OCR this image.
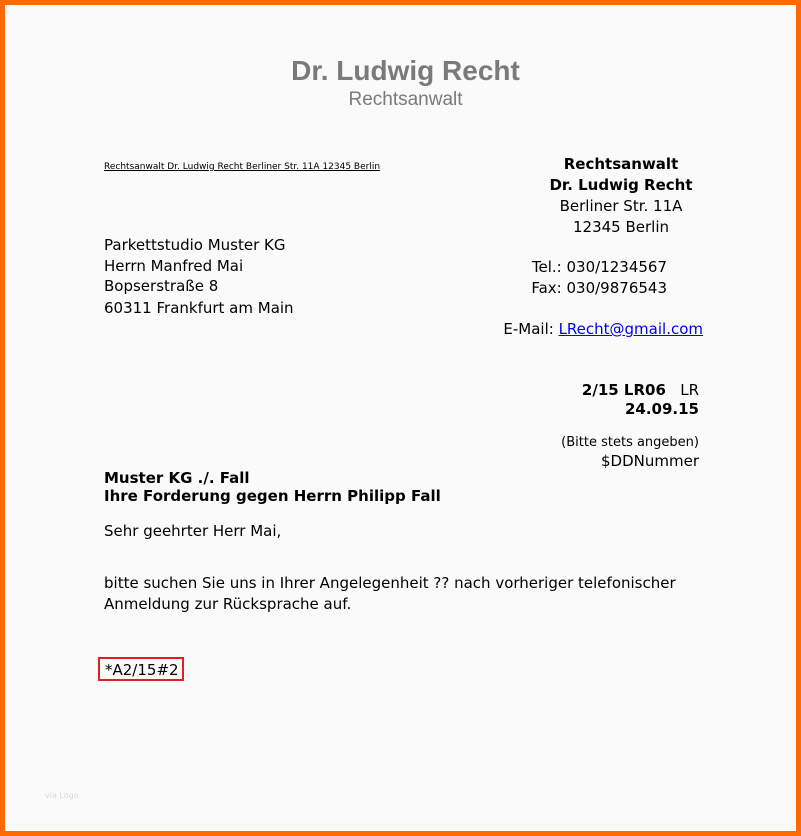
Dr. Ludwig Recht
Rechtsanwalt
Rechtsanwalt Dr. Ludwig Recht Berliner Str. 11A 12345 Berlin	Rechtsanwalt
Dr. Ludwig Recht
Berliner Str. 11A
12345 Berlin
Tel.: 030/1234567
Fax: 030/9876543
E-Mail: LRecht@gmail.com
Parkettstudio Muster KG
Herrn Manfred Mai
Bopserstraße 8
60311 Frankfurt am Main
2/15 LR06 LR
24.09.15
(Bitte stets angeben)
$DDNummer
Muster KG ./. Fall
Ihre Forderung gegen Herrn Philipp Fall
Sehr geehrter Herr Mai,
bitte suchen Sie uns in Ihrer Angelegenheit ?? nach vorheriger telefonischer
Anmeldung zur Rücksprache auf.
*A2/15#2
via Logo
